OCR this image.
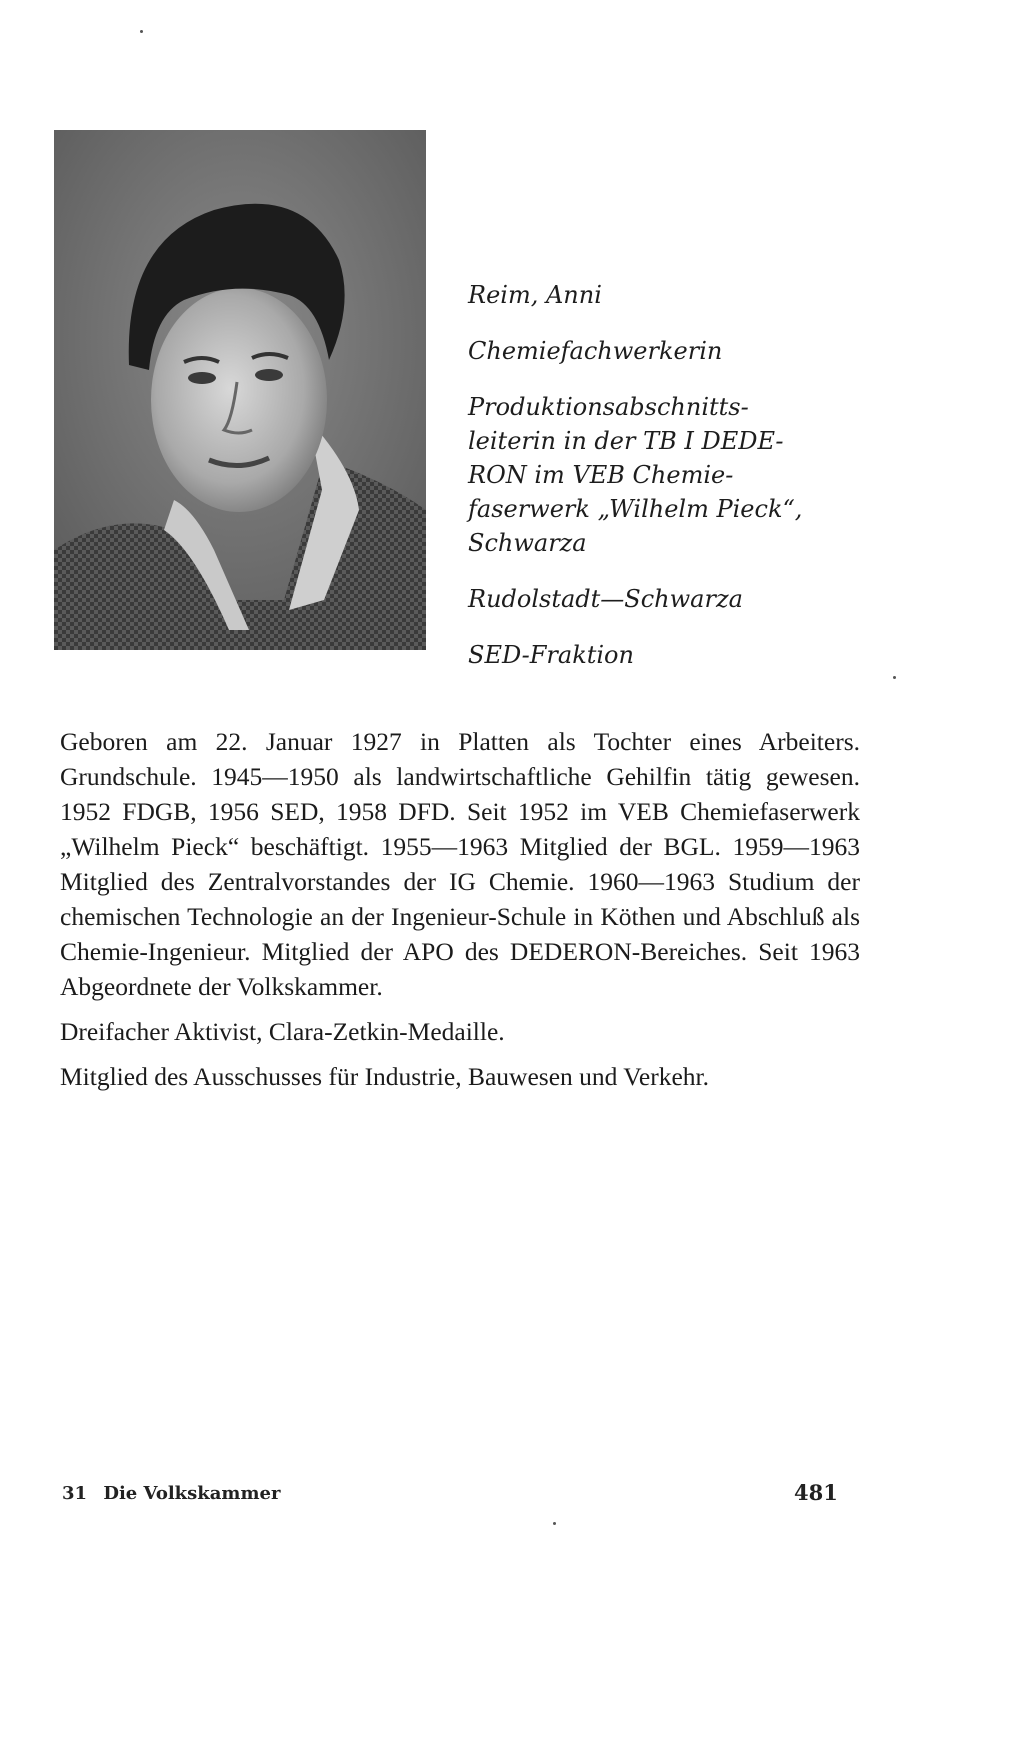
Reim, Anni

Chemiefachwerkerin

Produktionsabschnitts-
leiterin in der TB I DEDE-
RON im VEB Chemie-
faserwerk „Wilhelm Pieck“,
Schwarza

Rudolstadt—Schwarza

SED-Fraktion

Geboren am 22. Januar 1927 in Platten als Tochter eines Arbeiters. Grundschule. 1945—1950 als landwirtschaftliche Gehilfin tätig gewesen. 1952 FDGB, 1956 SED, 1958 DFD. Seit 1952 im VEB Chemiefaserwerk „Wilhelm Pieck“ beschäftigt. 1955—1963 Mitglied der BGL. 1959—1963 Mitglied des Zentralvorstandes der IG Chemie. 1960—1963 Studium der chemischen Technologie an der Ingenieur-Schule in Köthen und Abschluß als Chemie-Ingenieur. Mitglied der APO des DEDERON-Bereiches. Seit 1963 Abgeordnete der Volkskammer.

Dreifacher Aktivist, Clara-Zetkin-Medaille.

Mitglied des Ausschusses für Industrie, Bauwesen und Verkehr.

31 Die Volkskammer	481
